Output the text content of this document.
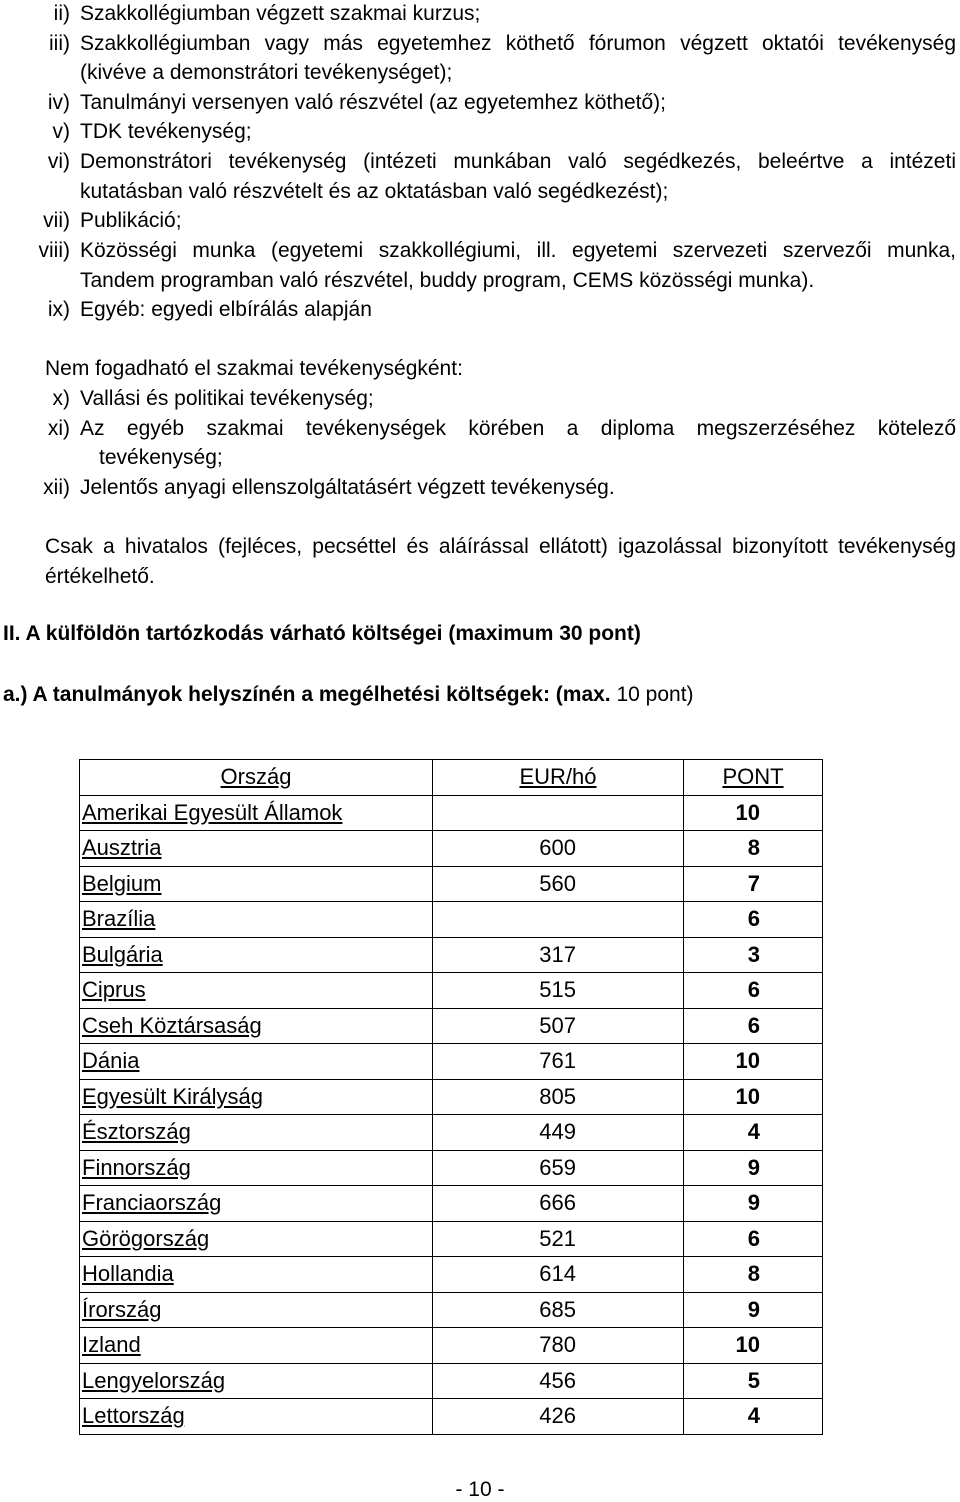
ii) Szakkollégiumban végzett szakmai kurzus;
iii) Szakkollégiumban vagy más egyetemhez köthető fórumon végzett oktatói tevékenység
(kivéve a demonstrátori tevékenységet);
iv) Tanulmányi versenyen való részvétel (az egyetemhez köthető);
v) TDK tevékenység;
vi) Demonstrátori tevékenység (intézeti munkában való segédkezés, beleértve a intézeti
kutatásban való részvételt és az oktatásban való segédkezést);
vii) Publikáció;
viii) Közösségi munka (egyetemi szakkollégiumi, ill. egyetemi szervezeti szervezői munka,
Tandem programban való részvétel, buddy program, CEMS közösségi munka).
ix) Egyéb: egyedi elbírálás alapján
Nem fogadható el szakmai tevékenységként:
x) Vallási és politikai tevékenység;
xi) Az egyéb szakmai tevékenységek körében a diploma megszerzéséhez kötelező
tevékenység;
xii) Jelentős anyagi ellenszolgáltatásért végzett tevékenység.
Csak a hivatalos (fejléces, pecséttel és aláírással ellátott) igazolással bizonyított tevékenység
értékelhető.
II. A külföldön tartózkodás várható költségei (maximum 30 pont)
a.) A tanulmányok helyszínén a megélhetési költségek: (max. 10 pont)
Ország	EUR/hó	PONT
Amerikai Egyesült Államok		10
Ausztria	600	8
Belgium	560	7
Brazília		6
Bulgária	317	3
Ciprus	515	6
Cseh Köztársaság	507	6
Dánia	761	10
Egyesült Királyság	805	10
Észtország	449	4
Finnország	659	9
Franciaország	666	9
Görögország	521	6
Hollandia	614	8
Írország	685	9
Izland	780	10
Lengyelország	456	5
Lettország	426	4
- 10 -
